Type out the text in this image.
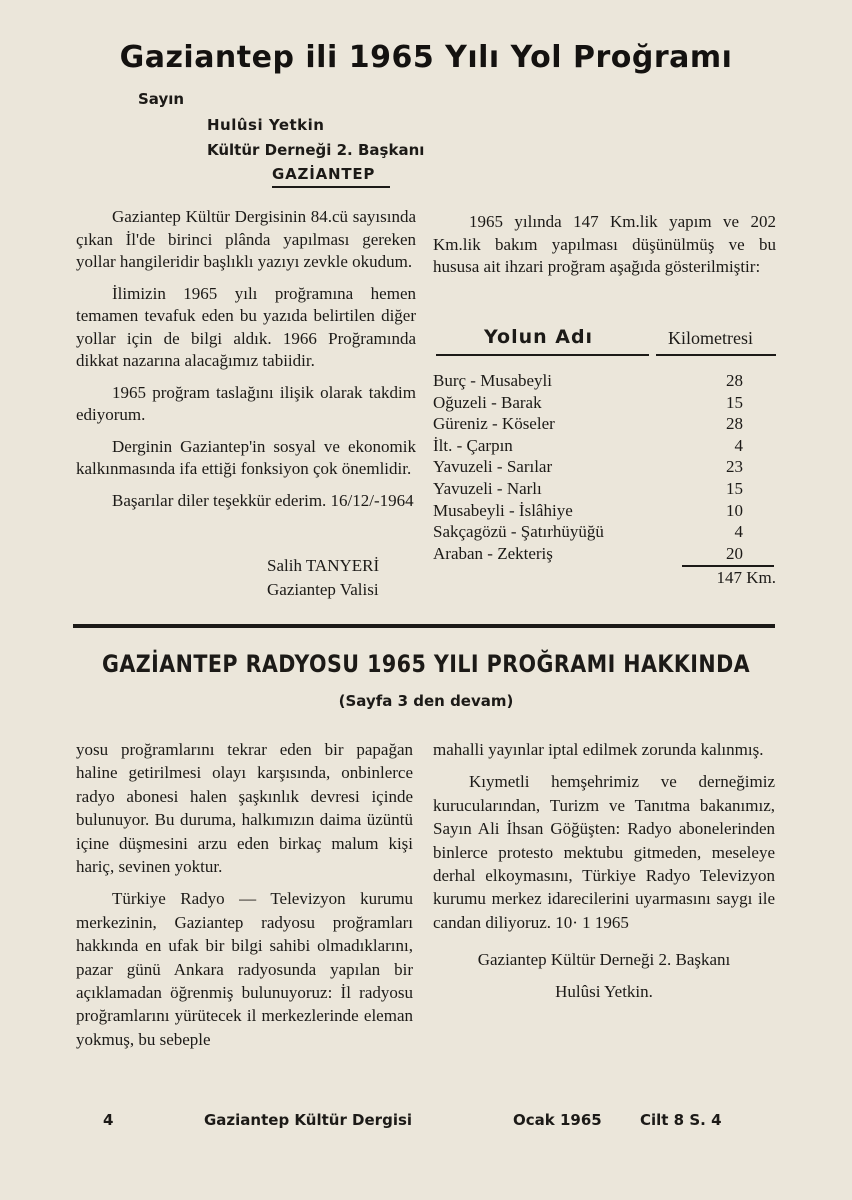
Gaziantep ili 1965 Yılı Yol Proğramı
Sayın
Hulûsi Yetkin
Kültür Derneği 2. Başkanı
GAZİANTEP

Gaziantep Kültür Dergisinin 84.cü sayısında çıkan İl'de birinci plânda yapılması gereken yollar hangileridir başlıklı yazıyı zevkle okudum.

İlimizin 1965 yılı proğramına hemen temamen tevafuk eden bu yazıda belirtilen diğer yollar için de bilgi aldık. 1966 Proğramında dikkat nazarına alacağımız tabiidir.

1965 proğram taslağını ilişik olarak takdim ediyorum.

Derginin Gaziantep'in sosyal ve ekonomik kalkınmasında ifa ettiği fonksiyon çok önemlidir.

Başarılar diler teşekkür ederim. 16/12/-1964

Salih TANYERİ
Gaziantep Valisi

1965 yılında 147 Km.lik yapım ve 202 Km.lik bakım yapılması düşünülmüş ve bu hususa ait ihzari proğram aşağıda gösterilmiştir:

Yolun Adı	Kilometresi
Burç - Musabeyli	28
Oğuzeli - Barak	15
Güreniz - Köseler	28
İlt. - Çarpın	4
Yavuzeli - Sarılar	23
Yavuzeli - Narlı	15
Musabeyli - İslâhiye	10
Sakçagözü - Şatırhüyüğü	4
Araban - Zekteriş	20
147 Km.
GAZİANTEP RADYOSU 1965 YILI PROĞRAMI HAKKINDA
(Sayfa 3 den devam)

yosu proğramlarını tekrar eden bir papağan haline getirilmesi olayı karşısında, onbinlerce radyo abonesi halen şaşkınlık devresi içinde bulunuyor. Bu duruma, halkımızın daima üzüntü içine düşmesini arzu eden birkaç malum kişi hariç, sevinen yoktur.

Türkiye Radyo — Televizyon kurumu merkezinin, Gaziantep radyosu proğramları hakkında en ufak bir bilgi sahibi olmadıklarını, pazar günü Ankara radyosunda yapılan bir açıklamadan öğrenmiş bulunuyoruz: İl radyosu proğramlarını yürütecek il merkezlerinde eleman yokmuş, bu sebeple

mahalli yayınlar iptal edilmek zorunda kalınmış.

Kıymetli hemşehrimiz ve derneğimiz kurucularından, Turizm ve Tanıtma bakanımız, Sayın Ali İhsan Göğüşten: Radyo abonelerinden binlerce protesto mektubu gitmeden, meseleye derhal elkoymasını, Türkiye Radyo Televizyon kurumu merkez idarecilerini uyarmasını saygı ile candan diliyoruz. 10· 1 1965

Gaziantep Kültür Derneği 2. Başkanı

Hulûsi Yetkin.

4	Gaziantep Kültür Dergisi	Ocak 1965	Cilt 8 S. 4
